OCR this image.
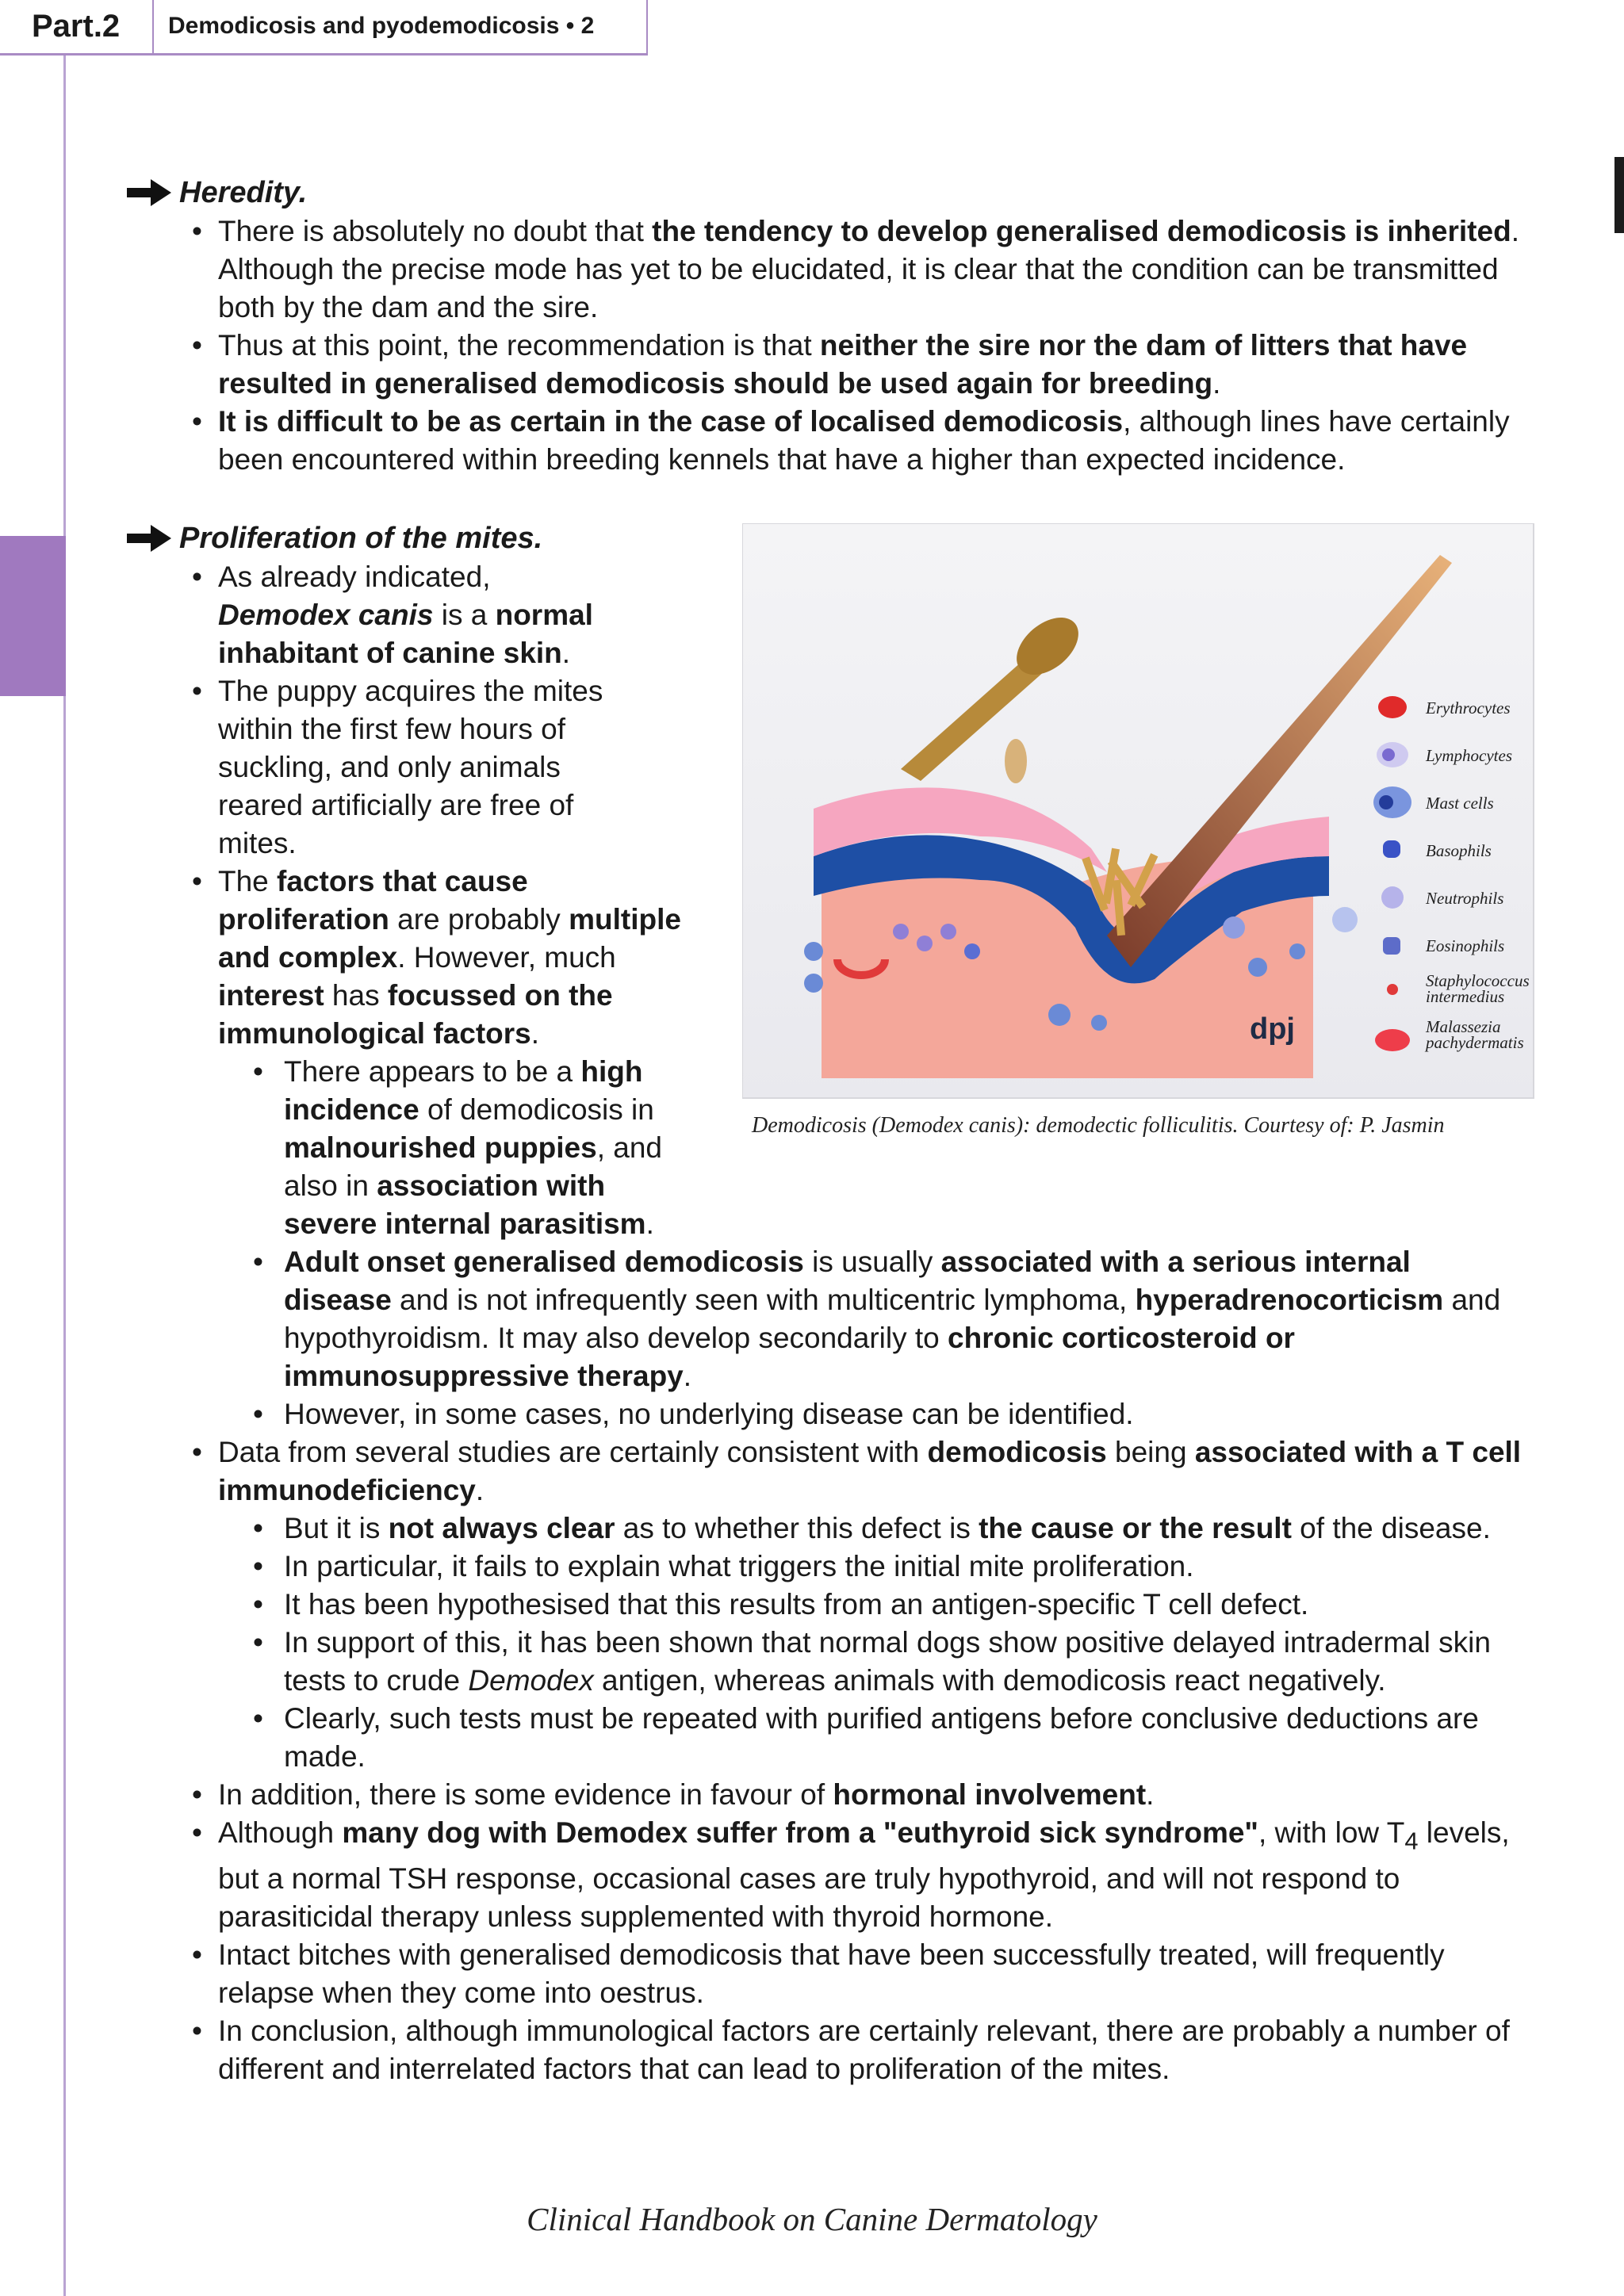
Part.2	Demodicosis and pyodemodicosis • 2
Heredity.
• There is absolutely no doubt that the tendency to develop generalised demodicosis is inherited. Although the precise mode has yet to be elucidated, it is clear that the condition can be transmitted both by the dam and the sire.
• Thus at this point, the recommendation is that neither the sire nor the dam of litters that have resulted in generalised demodicosis should be used again for breeding.
• It is difficult to be as certain in the case of localised demodicosis, although lines have certainly been encountered within breeding kennels that have a higher than expected incidence.
Proliferation of the mites.
• As already indicated, Demodex canis is a normal inhabitant of canine skin.
• The puppy acquires the mites within the first few hours of suckling, and only animals reared artificially are free of mites.
• The factors that cause proliferation are probably multiple and complex. However, much interest has focussed on the immunological factors.
• There appears to be a high incidence of demodicosis in malnourished puppies, and also in association with severe internal parasitism.
• Adult onset generalised demodicosis is usually associated with a serious internal disease and is not infrequently seen with multicentric lymphoma, hyperadrenocorticism and hypothyroidism. It may also develop secondarily to chronic corticosteroid or immunosuppressive therapy.
• However, in some cases, no underlying disease can be identified.
• Data from several studies are certainly consistent with demodicosis being associated with a T cell immunodeficiency.
• But it is not always clear as to whether this defect is the cause or the result of the disease.
• In particular, it fails to explain what triggers the initial mite proliferation.
• It has been hypothesised that this results from an antigen-specific T cell defect.
• In support of this, it has been shown that normal dogs show positive delayed intradermal skin tests to crude Demodex antigen, whereas animals with demodicosis react negatively.
• Clearly, such tests must be repeated with purified antigens before conclusive deductions are made.
• In addition, there is some evidence in favour of hormonal involvement.
• Although many dog with Demodex suffer from a "euthyroid sick syndrome", with low $T_4$ levels, but a normal TSH response, occasional cases are truly hypothyroid, and will not respond to parasiticidal therapy unless supplemented with thyroid hormone.
• Intact bitches with generalised demodicosis that have been successfully treated, will frequently relapse when they come into oestrus.
• In conclusion, although immunological factors are certainly relevant, there are probably a number of different and interrelated factors that can lead to proliferation of the mites.
dpj
Erythrocytes
Lymphocytes
Mast cells
Basophils
Neutrophils
Eosinophils
Staphylococcus
intermedius
Malassezia
pachydermatis
Demodicosis (Demodex canis): demodectic folliculitis. Courtesy of: P. Jasmin
Clinical Handbook on Canine Dermatology
